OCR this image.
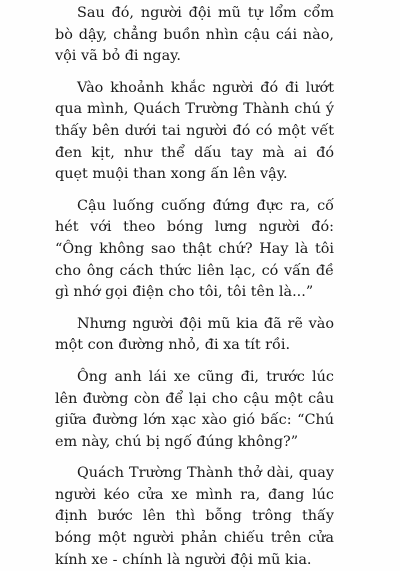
Sau đó, người đội mũ tự lổm cổm bò dậy, chẳng buồn nhìn cậu cái nào, vội vã bỏ đi ngay.

Vào khoảnh khắc người đó đi lướt qua mình, Quách Trường Thành chú ý thấy bên dưới tai người đó có một vết đen kịt, như thể dấu tay mà ai đó quẹt muội than xong ấn lên vậy.

Cậu luống cuống đứng đực ra, cố hét với theo bóng lưng người đó: “Ông không sao thật chứ? Hay là tôi cho ông cách thức liên lạc, có vấn đề gì nhớ gọi điện cho tôi, tôi tên là...”

Nhưng người đội mũ kia đã rẽ vào một con đường nhỏ, đi xa tít rồi.

Ông anh lái xe cũng đi, trước lúc lên đường còn để lại cho cậu một câu giữa đường lớn xạc xào gió bấc: “Chú em này, chú bị ngố đúng không?”

Quách Trường Thành thở dài, quay người kéo cửa xe mình ra, đang lúc định bước lên thì bỗng trông thấy bóng một người phản chiếu trên cửa kính xe - chính là người đội mũ kia.
